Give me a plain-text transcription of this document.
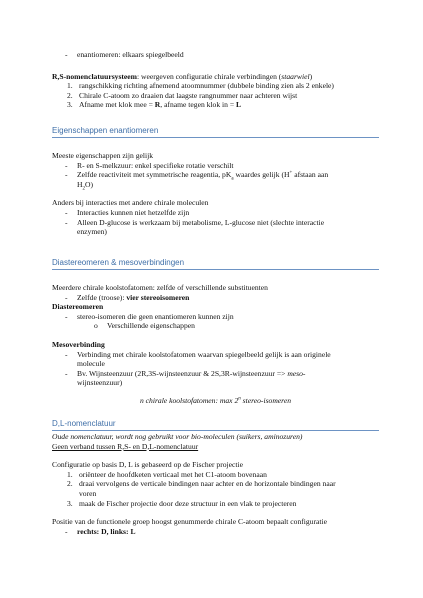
- enantiomeren: elkaars spiegelbeeld
R,S-nomenclatuursysteem: weergeven configuratie chirale verbindingen (staarwiel)
1. rangschikking richting afnemend atoomnummer (dubbele binding zien als 2 enkele)
2. Chirale C-atoom zo draaien dat laagste rangnummer naar achteren wijst
3. Afname met klok mee = R, afname tegen klok in = L
Eigenschappen enantiomeren
Meeste eigenschappen zijn gelijk
- R- en S-melkzuur: enkel specifieke rotatie verschilt
- Zelfde reactiviteit met symmetrische reagentia, $pK_a$ waardes gelijk (H+ afstaan aan
$H_2O$)
Anders bij interacties met andere chirale moleculen
- Interacties kunnen niet hetzelfde zijn
- Alleen D-glucose is werkzaam bij metabolisme, L-glucose niet (slechte interactie
enzymen)
Diastereomeren & mesoverbindingen
Meerdere chirale koolstofatomen: zelfde of verschillende substituenten
- Zelfde (troose): vier stereoisomeren
Diastereomeren
- stereo-isomeren die geen enantiomeren kunnen zijn
o Verschillende eigenschappen
Mesoverbinding
- Verbinding met chirale koolstofatomen waarvan spiegelbeeld gelijk is aan originele
molecule
- Bv. Wijnsteenzuur (2R,3S-wijnsteenzuur & 2S,3R-wijnsteenzuur => meso-
wijnsteenzuur)
n chirale koolstofatomen: max 2$^n$ stereo-isomeren
D,L-nomenclatuur
Oude nomenclatuur, wordt nog gebruikt voor bio-moleculen (suikers, aminozuren)
Geen verband tussen R,S- en D,L-nomenclatuur
Configuratie op basis D, L is gebaseerd op de Fischer projectie
1. oriënteer de hoofdketen verticaal met het C1-atoom bovenaan
2. draai vervolgens de verticale bindingen naar achter en de horizontale bindingen naar
voren
3. maak de Fischer projectie door deze structuur in een vlak te projecteren
Positie van de functionele groep hoogst genummerde chirale C-atoom bepaalt configuratie
- rechts: D, links: L
